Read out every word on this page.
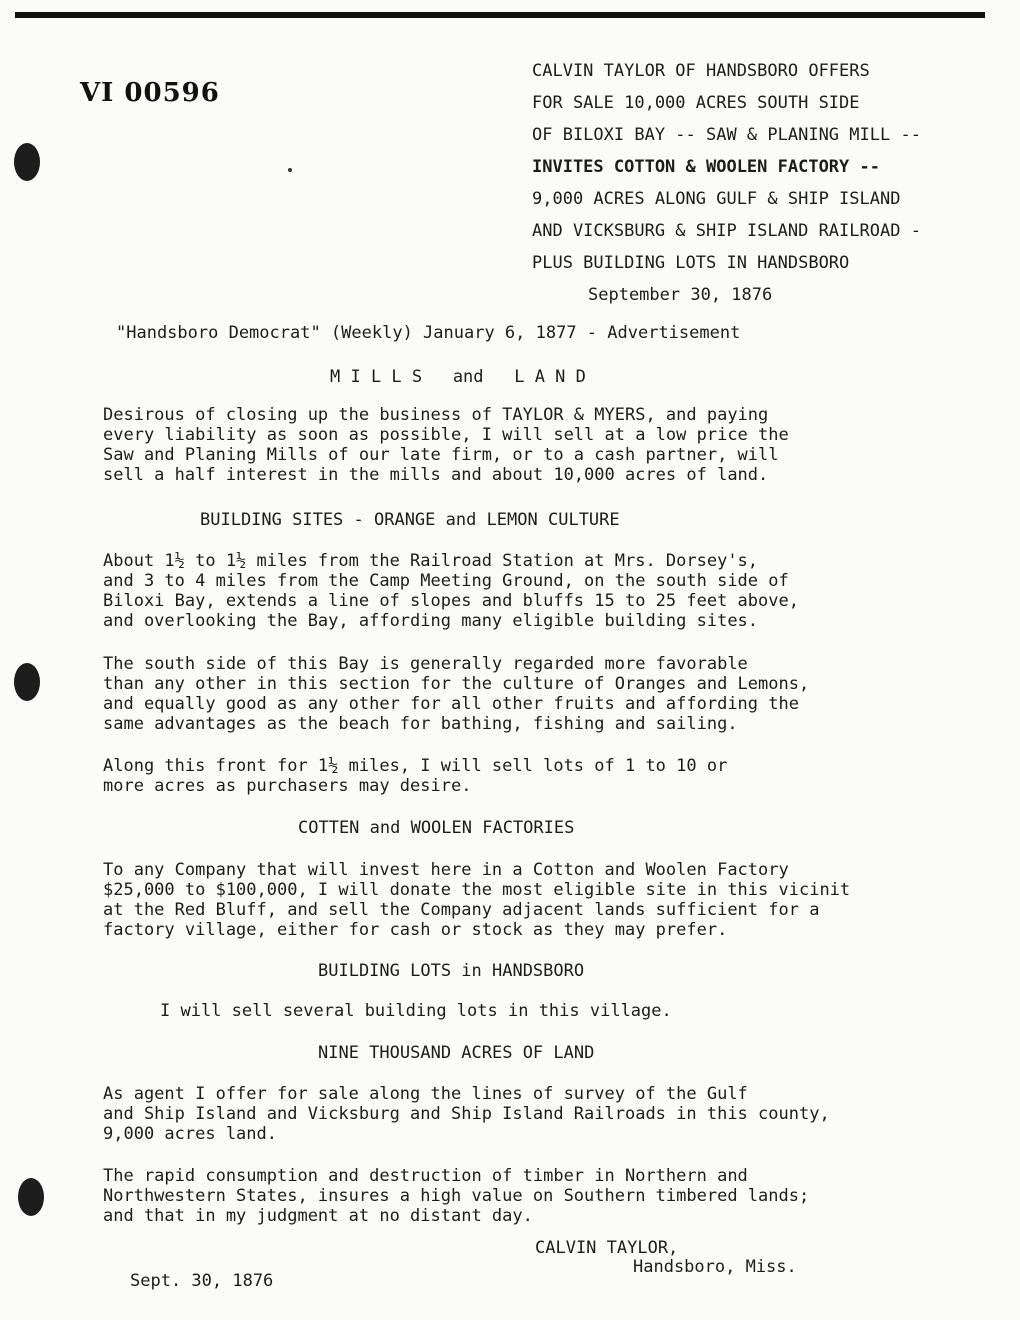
VI 00596
CALVIN TAYLOR OF HANDSBORO OFFERS
FOR SALE 10,000 ACRES SOUTH SIDE
OF BILOXI BAY -- SAW & PLANING MILL --
INVITES COTTON & WOOLEN FACTORY --
9,000 ACRES ALONG GULF & SHIP ISLAND
AND VICKSBURG & SHIP ISLAND RAILROAD -
PLUS BUILDING LOTS IN HANDSBORO
September 30, 1876
"Handsboro Democrat" (Weekly) January 6, 1877 - Advertisement
M I L L S   and   L A N D
Desirous of closing up the business of TAYLOR & MYERS, and paying
every liability as soon as possible, I will sell at a low price the
Saw and Planing Mills of our late firm, or to a cash partner, will
sell a half interest in the mills and about 10,000 acres of land.
BUILDING SITES - ORANGE and LEMON CULTURE
About 1½ to 1½ miles from the Railroad Station at Mrs. Dorsey's,
and 3 to 4 miles from the Camp Meeting Ground, on the south side of
Biloxi Bay, extends a line of slopes and bluffs 15 to 25 feet above,
and overlooking the Bay, affording many eligible building sites.
The south side of this Bay is generally regarded more favorable
than any other in this section for the culture of Oranges and Lemons,
and equally good as any other for all other fruits and affording the
same advantages as the beach for bathing, fishing and sailing.
Along this front for 1½ miles, I will sell lots of 1 to 10 or
more acres as purchasers may desire.
COTTEN and WOOLEN FACTORIES
To any Company that will invest here in a Cotton and Woolen Factory
$25,000 to $100,000, I will donate the most eligible site in this vicinit
at the Red Bluff, and sell the Company adjacent lands sufficient for a
factory village, either for cash or stock as they may prefer.
BUILDING LOTS in HANDSBORO
I will sell several building lots in this village.
NINE THOUSAND ACRES OF LAND
As agent I offer for sale along the lines of survey of the Gulf
and Ship Island and Vicksburg and Ship Island Railroads in this county,
9,000 acres land.
The rapid consumption and destruction of timber in Northern and
Northwestern States, insures a high value on Southern timbered lands;
and that in my judgment at no distant day.
CALVIN TAYLOR,
Handsboro, Miss.
Sept. 30, 1876
